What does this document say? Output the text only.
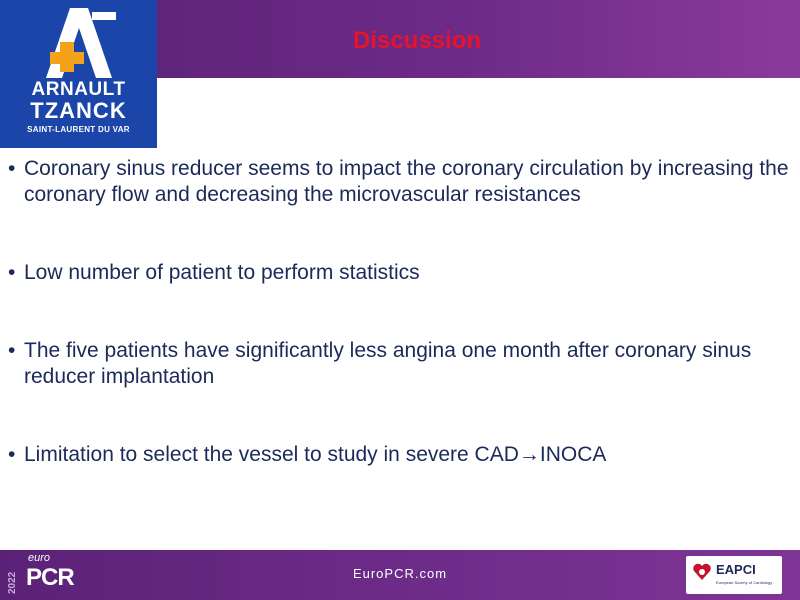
Discussion
ARNAULT
TZANCK
SAINT-LAURENT DU VAR
• Coronary sinus reducer seems to impact the coronary circulation by increasing the coronary flow and decreasing the microvascular resistances
• Low number of patient to perform statistics
• The five patients have significantly less angina one month after coronary sinus reducer implantation
• Limitation to select the vessel to study in severe CAD→INOCA
2022
euro
PCR	EuroPCR.com	EAPCI
European Society of Cardiology
